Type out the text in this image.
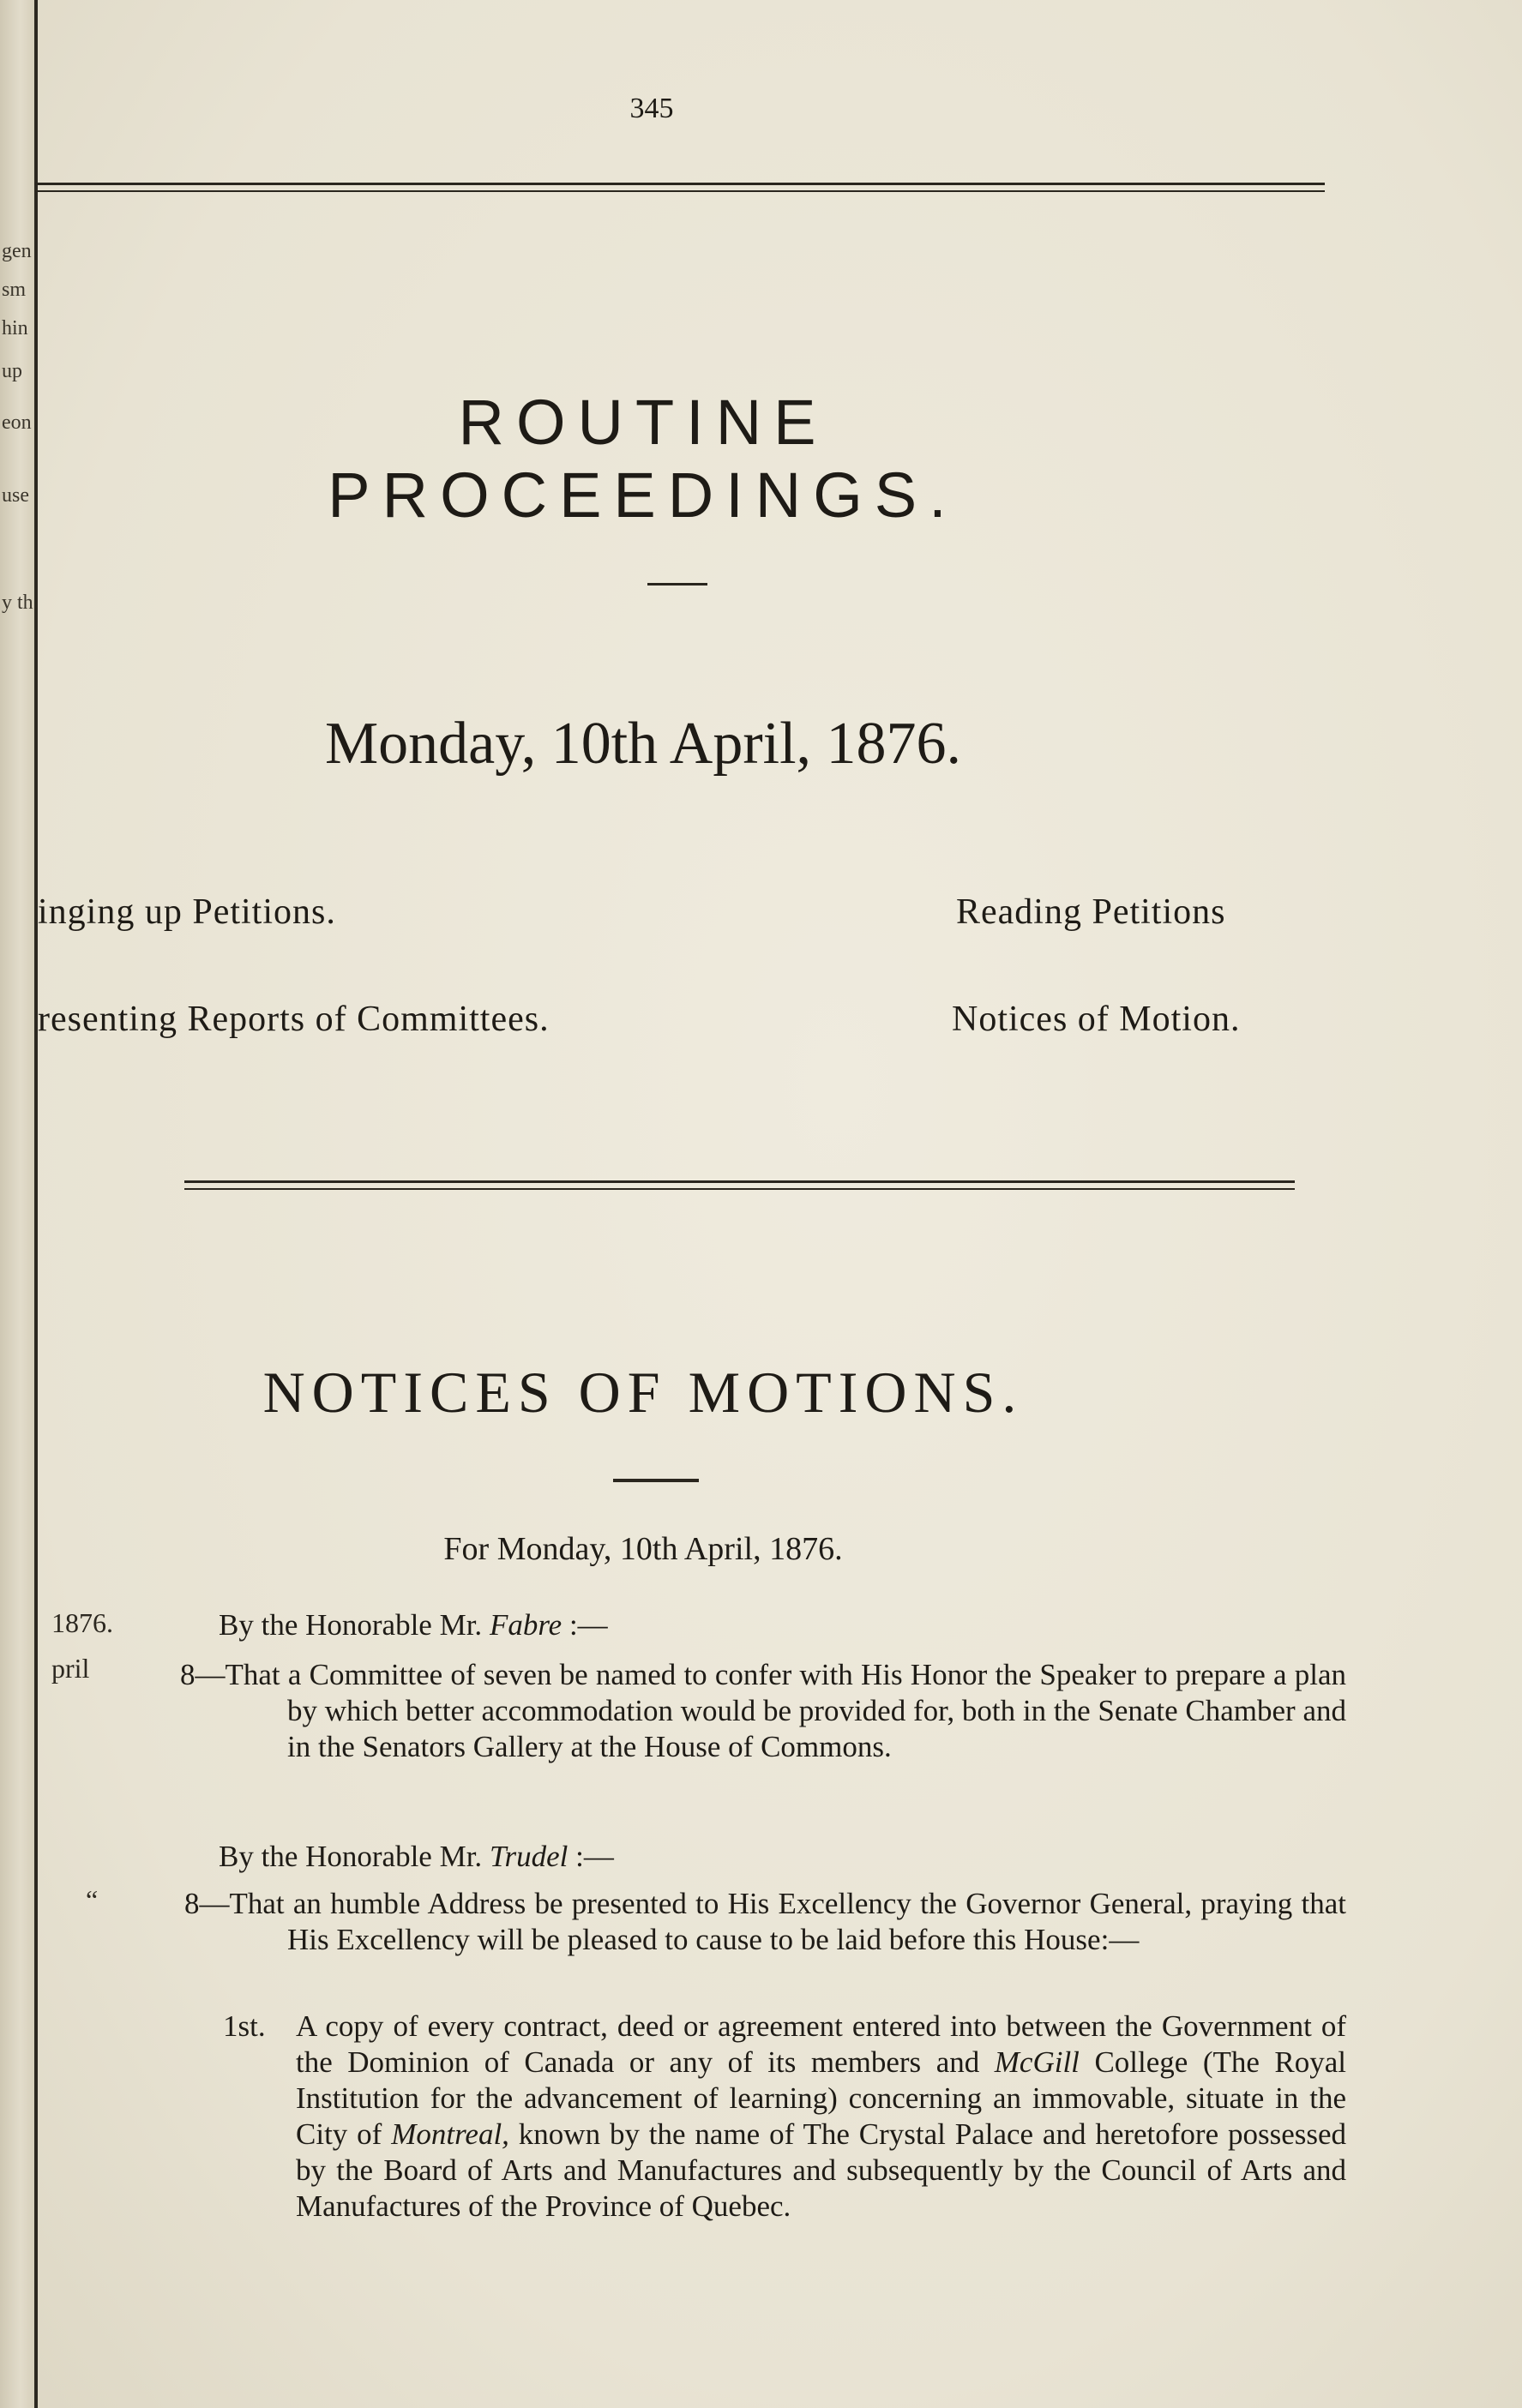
gen
sm
hin
up
eon
use
y th
345
ROUTINE PROCEEDINGS.
Monday, 10th April, 1876.
inging up Petitions.	Reading Petitions
resenting Reports of Committees.	Notices of Motion.
NOTICES OF MOTIONS.
For Monday, 10th April, 1876.
1876.
pril
“
By the Honorable Mr. Fabre :—
8—That a Committee of seven be named to confer with His Honor the Speaker to prepare a plan by which better accommodation would be provided for, both in the Senate Chamber and in the Senators Gallery at the House of Commons.
By the Honorable Mr. Trudel :—
8—That an humble Address be presented to His Excellency the Governor General, praying that His Excellency will be pleased to cause to be laid before this House:—
1st. A copy of every contract, deed or agreement entered into between the Government of the Dominion of Canada or any of its members and McGill College (The Royal Institution for the advancement of learning) concerning an immovable, situate in the City of Montreal, known by the name of The Crystal Palace and heretofore possessed by the Board of Arts and Manufactures and subsequently by the Council of Arts and Manufactures of the Province of Quebec.
